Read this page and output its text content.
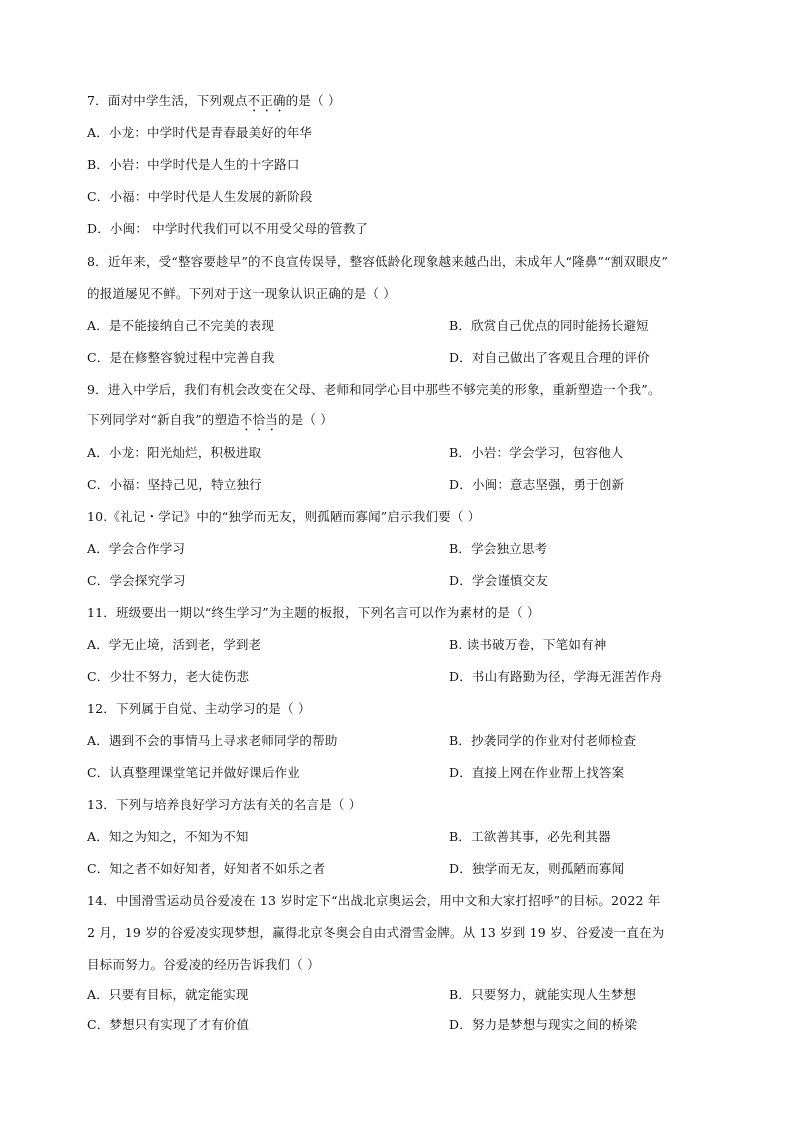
7．面对中学生活，下列观点不正确的是（ ）
A．小龙：中学时代是青春最美好的年华
B．小岩：中学时代是人生的十字路口
C．小福：中学时代是人生发展的新阶段
D．小闽： 中学时代我们可以不用受父母的管教了
8．近年来，受“整容要趁早”的不良宣传误导，整容低龄化现象越来越凸出，未成年人“隆鼻”“割双眼皮”
的报道屡见不鲜。下列对于这一现象认识正确的是（ ）
A．是不能接纳自己不完美的表现	B．欣赏自己优点的同时能扬长避短
C．是在修整容貌过程中完善自我	D．对自己做出了客观且合理的评价
9．进入中学后，我们有机会改变在父母、老师和同学心目中那些不够完美的形象，重新塑造一个我”。
下列同学对“新自我”的塑造不恰当的是（ ）
A．小龙：阳光灿烂，积极进取	B．小岩：学会学习，包容他人
C．小福：坚持己见，特立独行	D．小闽：意志坚强，勇于创新
10.《礼记・学记》中的“独学而无友，则孤陋而寡闻”启示我们要（ ）
A．学会合作学习	B．学会独立思考
C．学会探究学习	D．学会谨慎交友
11．班级要出一期以“终生学习”为主题的板报，下列名言可以作为素材的是（ ）
A．学无止境，活到老，学到老	B. 读书破万卷，下笔如有神
C．少壮不努力，老大徒伤悲	D．书山有路勤为径，学海无涯苦作舟
12．下列属于自觉、主动学习的是（ ）
A．遇到不会的事情马上寻求老师同学的帮助	B．抄袭同学的作业对付老师检查
C．认真整理课堂笔记并做好课后作业	D．直接上网在作业帮上找答案
13．下列与培养良好学习方法有关的名言是（ ）
A．知之为知之，不知为不知	B．工欲善其事，必先利其器
C．知之者不如好知者，好知者不如乐之者	D．独学而无友，则孤陋而寡闻
14．中国滑雪运动员谷爱凌在 13 岁时定下“出战北京奥运会，用中文和大家打招呼”的目标。2022 年
2 月，19 岁的谷爱凌实现梦想，赢得北京冬奥会自由式滑雪金牌。从 13 岁到 19 岁、谷爱凌一直在为
目标而努力。谷爱凌的经历告诉我们（ ）
A．只要有目标，就定能实现	B．只要努力，就能实现人生梦想
C．梦想只有实现了才有价值	D．努力是梦想与现实之间的桥梁
